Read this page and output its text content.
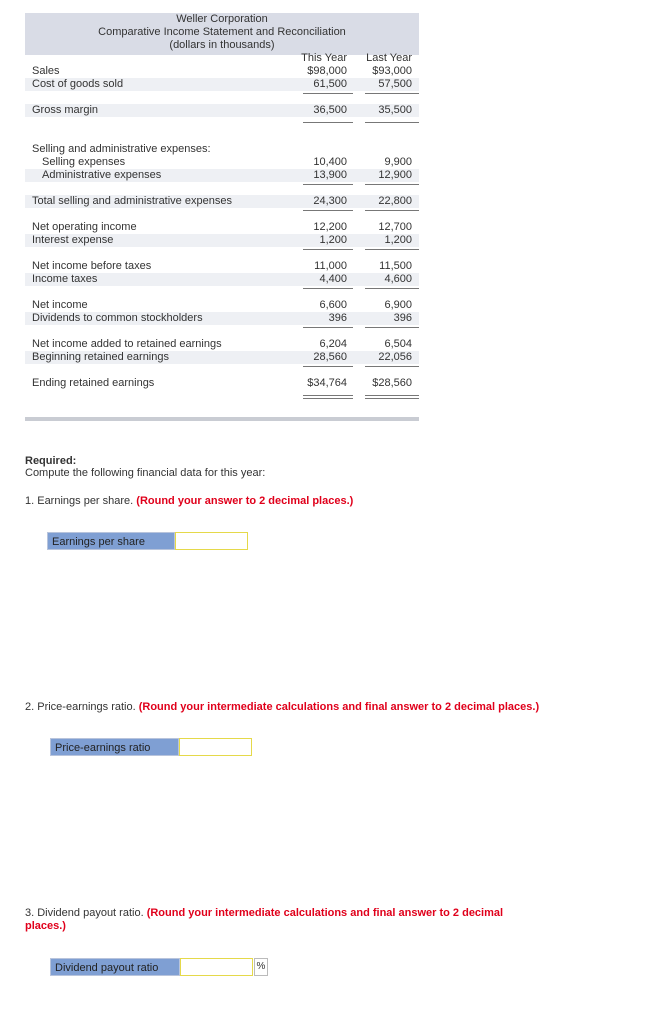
Weller Corporation
Comparative Income Statement and Reconciliation
(dollars in thousands)
This Year Last Year
Sales	$98,000 $93,000
Cost of goods sold	61,500	57,500
Gross margin	36,500	35,500
Selling and administrative expenses:
Selling expenses	10,400	9,900
Administrative expenses	13,900	12,900
Total selling and administrative expenses	24,300	22,800
Net operating income	12,200	12,700
Interest expense	1,200	1,200
Net income before taxes	11,000	11,500
Income taxes	4,400	4,600
Net income	6,600	6,900
Dividends to common stockholders	396	396
Net income added to retained earnings	6,204	6,504
Beginning retained earnings	28,560	22,056
Ending retained earnings	$34,764 $28,560
Required:
Compute the following financial data for this year:
1. Earnings per share. (Round your answer to 2 decimal places.)
Earnings per share
2. Price-earnings ratio. (Round your intermediate calculations and final answer to 2 decimal places.)
Price-earnings ratio
3. Dividend payout ratio. (Round your intermediate calculations and final answer to 2 decimal places.)
Dividend payout ratio	%
